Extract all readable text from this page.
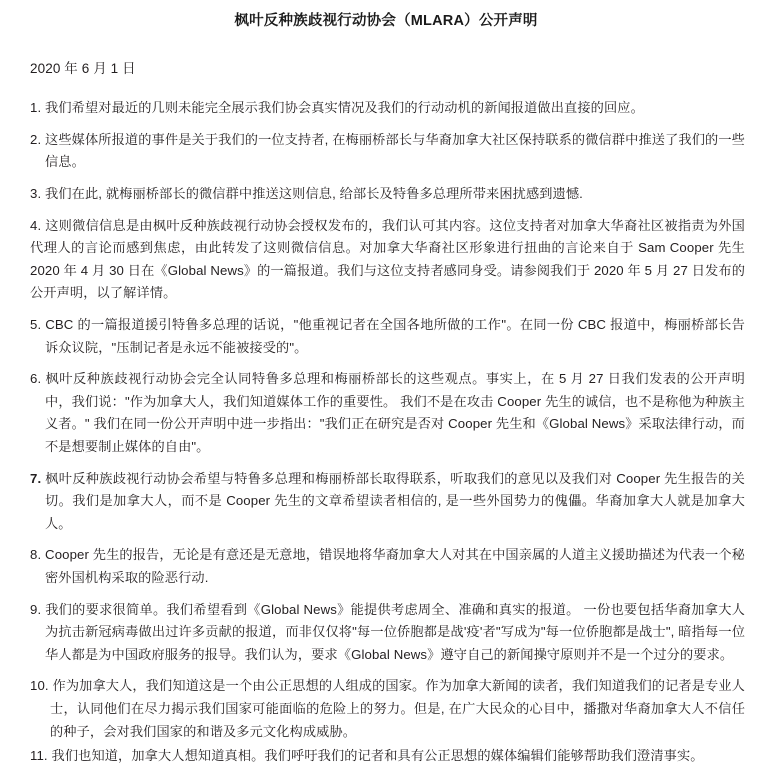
枫叶反种族歧视行动协会（MLARA）公开声明
2020 年 6 月 1 日

1. 我们希望对最近的几则未能完全展示我们协会真实情况及我们的行动动机的新闻报道做出直接的回应。

2. 这些媒体所报道的事件是关于我们的一位支持者, 在梅丽桥部长与华裔加拿大社区保持联系的微信群中推送了我们的一些信息。

3. 我们在此, 就梅丽桥部长的微信群中推送这则信息, 给部长及特鲁多总理所带来困扰感到遗憾.

4. 这则微信信息是由枫叶反种族歧视行动协会授权发布的，我们认可其内容。这位支持者对加拿大华裔社区被指责为外国代理人的言论而感到焦虑，由此转发了这则微信信息。对加拿大华裔社区形象进行扭曲的言论来自于 Sam Cooper 先生 2020 年 4 月 30 日在《Global News》的一篇报道。我们与这位支持者感同身受。请参阅我们于 2020 年 5 月 27 日发布的公开声明，以了解详情。

5. CBC 的一篇报道援引特鲁多总理的话说，"他重视记者在全国各地所做的工作"。在同一份 CBC 报道中，梅丽桥部长告诉众议院，"压制记者是永远不能被接受的"。

6. 枫叶反种族歧视行动协会完全认同特鲁多总理和梅丽桥部长的这些观点。事实上，在 5 月 27 日我们发表的公开声明中，我们说："作为加拿大人，我们知道媒体工作的重要性。 我们不是在攻击 Cooper 先生的诚信，也不是称他为种族主义者。" 我们在同一份公开声明中进一步指出："我们正在研究是否对 Cooper 先生和《Global News》采取法律行动，而不是想要制止媒体的自由"。

7. 枫叶反种族歧视行动协会希望与特鲁多总理和梅丽桥部长取得联系，听取我们的意见以及我们对 Cooper 先生报告的关切。我们是加拿大人，而不是 Cooper 先生的文章希望读者相信的, 是一些外国势力的傀儡。华裔加拿大人就是加拿大人。

8. Cooper 先生的报告，无论是有意还是无意地，错误地将华裔加拿大人对其在中国亲属的人道主义援助描述为代表一个秘密外国机构采取的险恶行动.

9. 我们的要求很简单。我们希望看到《Global News》能提供考虑周全、准确和真实的报道。 一份也要包括华裔加拿大人为抗击新冠病毒做出过许多贡献的报道，而非仅仅将"每一位侨胞都是战'疫'者"写成为"每一位侨胞都是战士", 暗指每一位华人都是为中国政府服务的报导。我们认为，要求《Global News》遵守自己的新闻操守原则并不是一个过分的要求。

10. 作为加拿大人，我们知道这是一个由公正思想的人组成的国家。作为加拿大新闻的读者，我们知道我们的记者是专业人士，认同他们在尽力揭示我们国家可能面临的危险上的努力。但是, 在广大民众的心目中，播撒对华裔加拿大人不信任的种子，会对我们国家的和谐及多元文化构成威胁。

11. 我们也知道，加拿大人想知道真相。我们呼吁我们的记者和具有公正思想的媒体编辑们能够帮助我们澄清事实。
